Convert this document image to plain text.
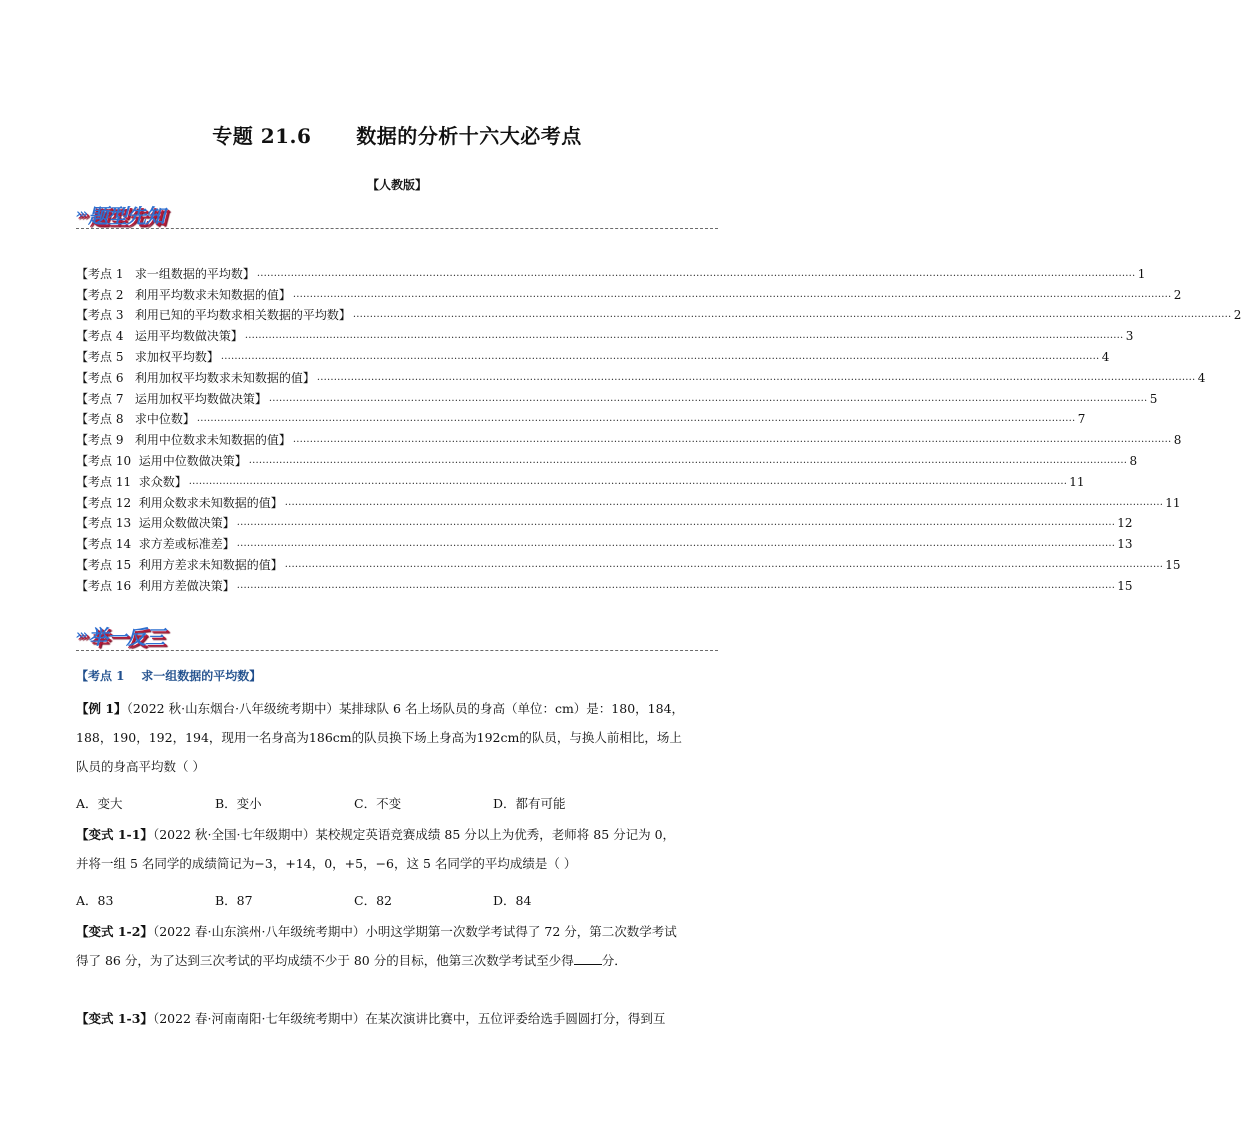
专题 21.6      数据的分析十六大必考点
【人教版】
››› 题型先知
【考点 1   求一组数据的平均数】 .................................................................................................................................................................................................................................................................... 1
【考点 2   利用平均数求未知数据的值】 .................................................................................................................................................................................................................................................................... 2
【考点 3   利用已知的平均数求相关数据的平均数】 .................................................................................................................................................................................................................................................................... 2
【考点 4   运用平均数做决策】 .................................................................................................................................................................................................................................................................... 3
【考点 5   求加权平均数】 .................................................................................................................................................................................................................................................................... 4
【考点 6   利用加权平均数求未知数据的值】 .................................................................................................................................................................................................................................................................... 4
【考点 7   运用加权平均数做决策】 .................................................................................................................................................................................................................................................................... 5
【考点 8   求中位数】 .................................................................................................................................................................................................................................................................... 7
【考点 9   利用中位数求未知数据的值】 .................................................................................................................................................................................................................................................................... 8
【考点 10  运用中位数做决策】 .................................................................................................................................................................................................................................................................... 8
【考点 11  求众数】 .................................................................................................................................................................................................................................................................... 11
【考点 12  利用众数求未知数据的值】 .................................................................................................................................................................................................................................................................... 11
【考点 13  运用众数做决策】 .................................................................................................................................................................................................................................................................... 12
【考点 14  求方差或标准差】 .................................................................................................................................................................................................................................................................... 13
【考点 15  利用方差求未知数据的值】 .................................................................................................................................................................................................................................................................... 15
【考点 16  利用方差做决策】 .................................................................................................................................................................................................................................................................... 15
››› 举一反三
【考点 1    求一组数据的平均数】
【例 1】（2022 秋·山东烟台·八年级统考期中）某排球队 6 名上场队员的身高（单位：cm）是：180，184，
188，190，192，194，现用一名身高为186cm的队员换下场上身高为192cm的队员，与换人前相比，场上
队员的身高平均数（ ）
A．变大	B．变小	C．不变	D．都有可能
【变式 1-1】（2022 秋·全国·七年级期中）某校规定英语竞赛成绩 85 分以上为优秀，老师将 85 分记为 0，
并将一组 5 名同学的成绩简记为−3，+14，0，+5，−6，这 5 名同学的平均成绩是（ ）
A．83	B．87	C．82	D．84
【变式 1-2】（2022 春·山东滨州·八年级统考期中）小明这学期第一次数学考试得了 72 分，第二次数学考试
得了 86 分，为了达到三次考试的平均成绩不少于 80 分的目标，他第三次数学考试至少得 分．
【变式 1-3】（2022 春·河南南阳·七年级统考期中）在某次演讲比赛中，五位评委给选手圆圆打分，得到互
